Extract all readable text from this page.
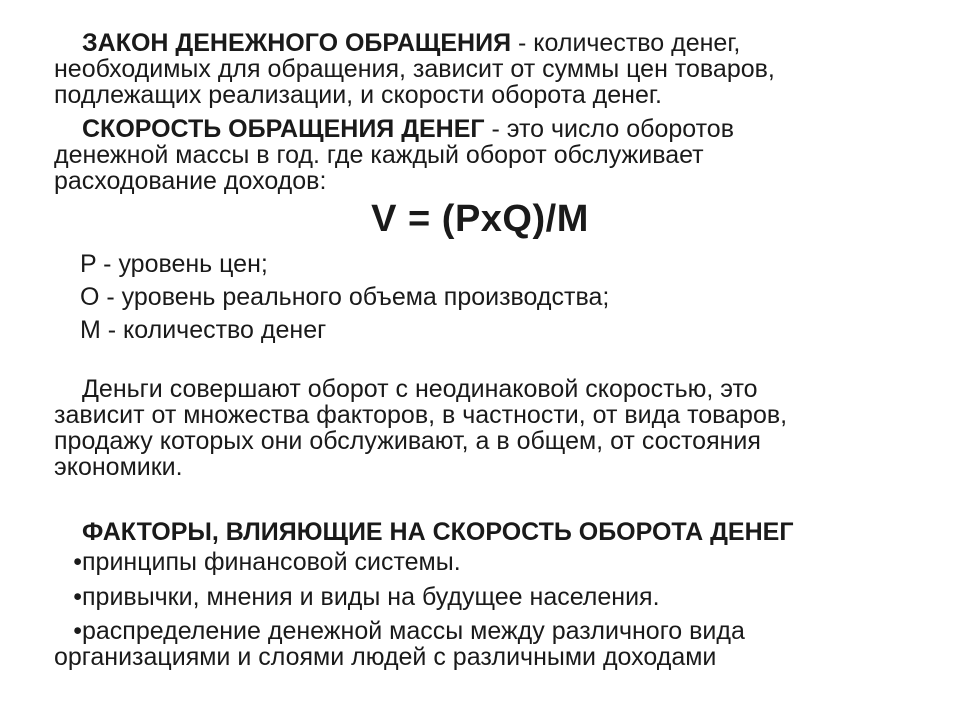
ЗАКОН ДЕНЕЖНОГО ОБРАЩЕНИЯ - количество денег,
необходимых для обращения, зависит от суммы цен товаров,
подлежащих реализации, и скорости оборота денег.

СКОРОСТЬ ОБРАЩЕНИЯ ДЕНЕГ - это число оборотов
денежной массы в год. где каждый оборот обслуживает
расходование доходов:

V = (PxQ)/M
P - уровень цен;
O - уровень реального объема производства;
M - количество денег

Деньги совершают оборот с неодинаковой скоростью, это
зависит от множества факторов, в частности, от вида товаров,
продажу которых они обслуживают, а в общем, от состояния
экономики.

ФАКТОРЫ, ВЛИЯЮЩИЕ НА СКОРОСТЬ ОБОРОТА ДЕНЕГ
•принципы финансовой системы.
•привычки, мнения и виды на будущее населения.
•распределение денежной массы между различного вида
организациями и слоями людей с различными доходами
